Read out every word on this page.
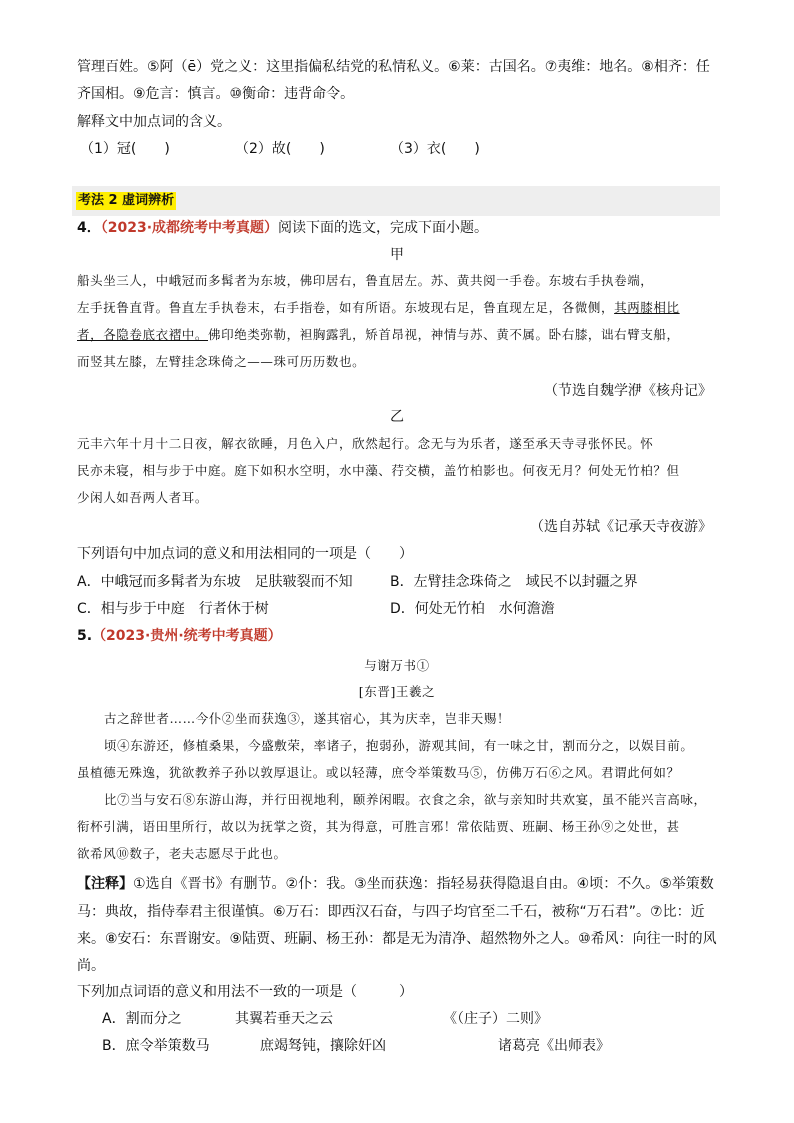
管理百姓。⑤阿（ē）党之义：这里指偏私结党的私情私义。⑥莱：古国名。⑦夷维：地名。⑧相齐：任
齐国相。⑨危言：慎言。⑩衡命：违背命令。
解释文中加点词的含义。
（1）冠(　　)	（2）故(　　)	（3）衣(　　)
考法 2 虚词辨析
4．（2023·成都统考中考真题）阅读下面的选文，完成下面小题。
甲
船头坐三人，中峨冠而多髯者为东坡，佛印居右，鲁直居左。苏、黄共阅一手卷。东坡右手执卷端，
左手抚鲁直背。鲁直左手执卷末，右手指卷，如有所语。东坡现右足，鲁直现左足，各微侧，其两膝相比
者，各隐卷底衣褶中。佛印绝类弥勒，袒胸露乳，矫首昂视，神情与苏、黄不属。卧右膝，诎右臂支船，
而竖其左膝，左臂挂念珠倚之——珠可历历数也。
（节选自魏学洢《核舟记》
乙
元丰六年十月十二日夜，解衣欲睡，月色入户，欣然起行。念无与为乐者，遂至承天寺寻张怀民。怀
民亦未寝，相与步于中庭。庭下如积水空明，水中藻、荇交横，盖竹柏影也。何夜无月？何处无竹柏？但
少闲人如吾两人者耳。
（选自苏轼《记承天寺夜游》
下列语句中加点词的意义和用法相同的一项是（　　）
A．中峨冠而多髯者为东坡　足肤皲裂而不知	B．左臂挂念珠倚之　域民不以封疆之界
C．相与步于中庭　行者休于树	D．何处无竹柏　水何澹澹
5.（2023·贵州·统考中考真题）
与谢万书①
[东晋]王羲之
古之辞世者……今仆②坐而获逸③，遂其宿心，其为庆幸，岂非天赐！
顷④东游还，修植桑果，今盛敷荣，率诸子，抱弱孙，游观其间，有一味之甘，割而分之，以娱目前。
虽植德无殊逸，犹欲教养子孙以敦厚退让。或以轻薄，庶令举策数马⑤，仿佛万石⑥之风。君谓此何如？
比⑦当与安石⑧东游山海，并行田视地利，颐养闲暇。衣食之余，欲与亲知时共欢宴，虽不能兴言高咏，
衔杯引满，语田里所行，故以为抚掌之资，其为得意，可胜言邪！常依陆贾、班嗣、杨王孙⑨之处世，甚
欲希风⑩数子，老夫志愿尽于此也。
【注释】①选自《晋书》有删节。②仆：我。③坐而获逸：指轻易获得隐退自由。④顷：不久。⑤举策数
马：典故，指侍奉君主很谨慎。⑥万石：即西汉石奋，与四子均官至二千石，被称“万石君”。⑦比：近
来。⑧安石：东晋谢安。⑨陆贾、班嗣、杨王孙：都是无为清净、超然物外之人。⑩希风：向往一时的风
尚。
下列加点词语的意义和用法不一致的一项是（　　　）
A．割而分之	其翼若垂天之云	《（庄子）二则》
B．庶令举策数马	庶竭驽钝，攘除奸凶	诸葛亮《出师表》
